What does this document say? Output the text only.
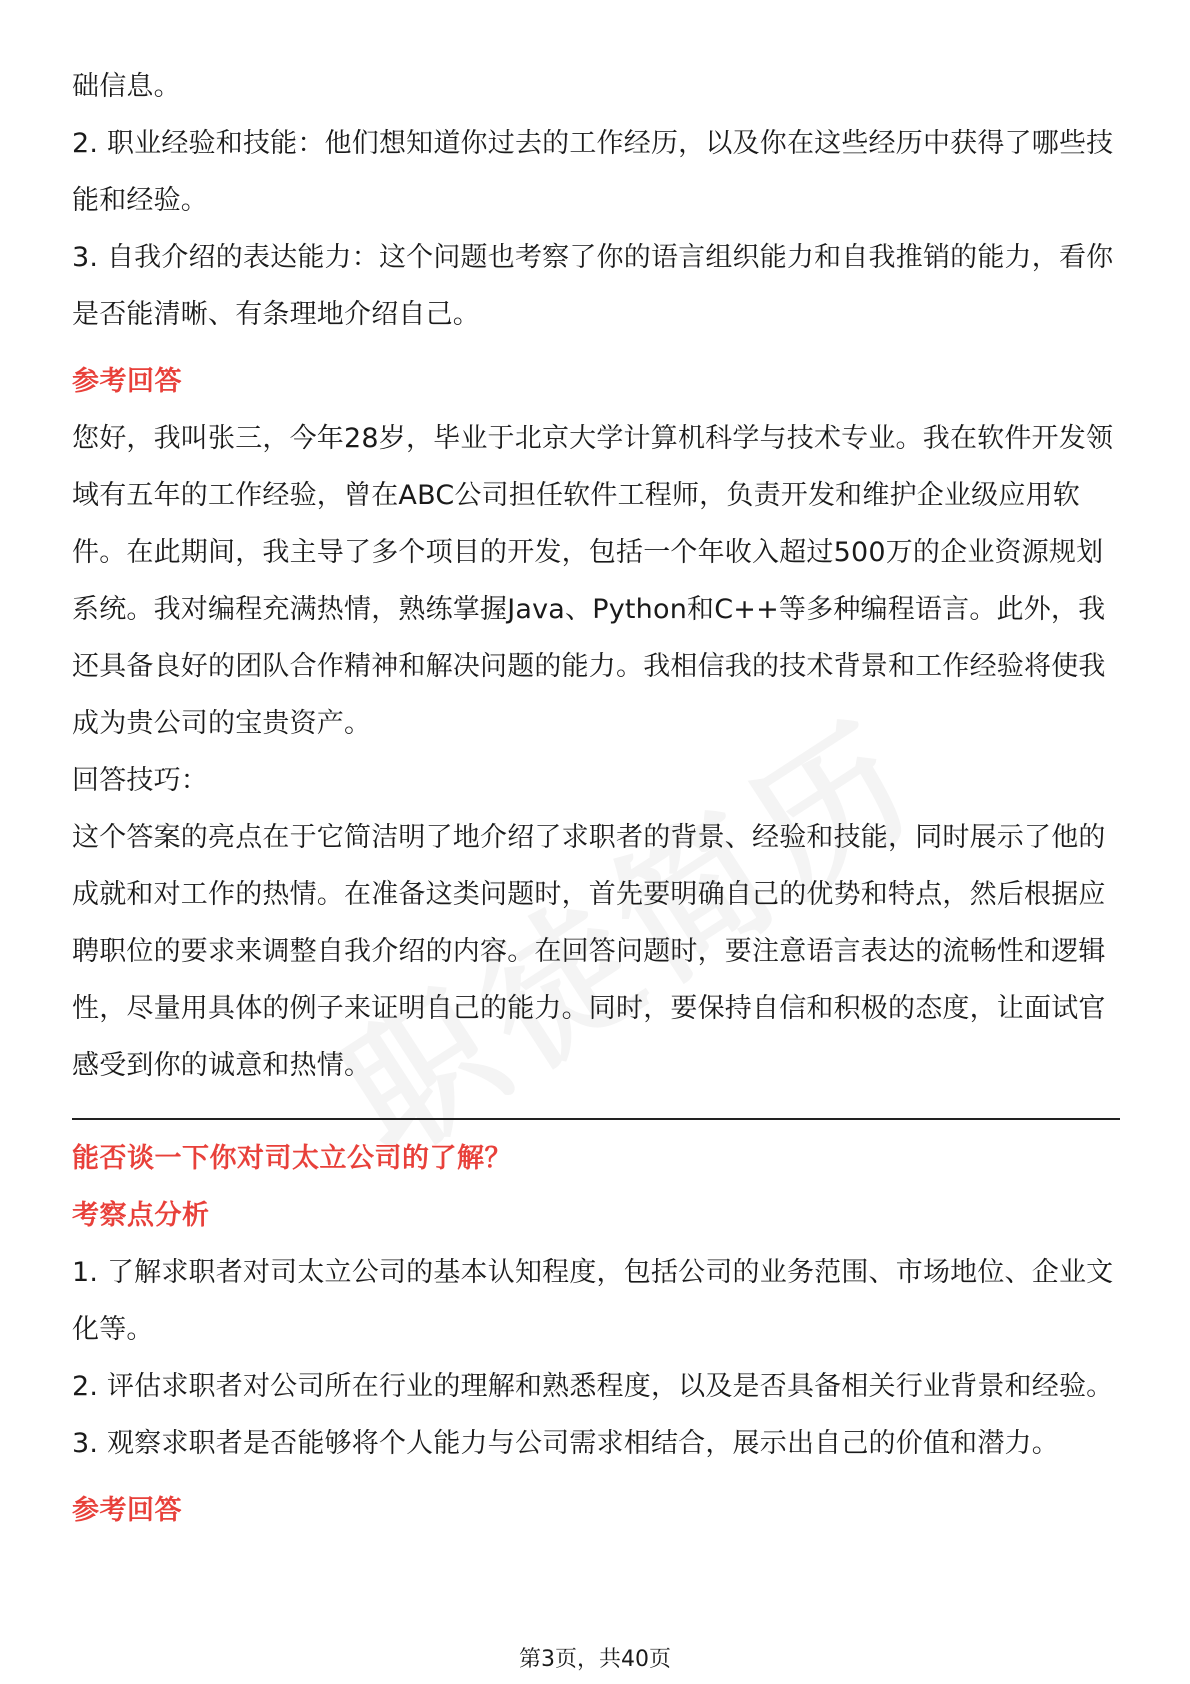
础信息。

2. 职业经验和技能：他们想知道你过去的工作经历，以及你在这些经历中获得了哪些技能和经验。

3. 自我介绍的表达能力：这个问题也考察了你的语言组织能力和自我推销的能力，看你是否能清晰、有条理地介绍自己。

参考回答

您好，我叫张三，今年28岁，毕业于北京大学计算机科学与技术专业。我在软件开发领域有五年的工作经验，曾在ABC公司担任软件工程师，负责开发和维护企业级应用软件。在此期间，我主导了多个项目的开发，包括一个年收入超过500万的企业资源规划系统。我对编程充满热情，熟练掌握Java、Python和C++等多种编程语言。此外，我还具备良好的团队合作精神和解决问题的能力。我相信我的技术背景和工作经验将使我成为贵公司的宝贵资产。

回答技巧：

这个答案的亮点在于它简洁明了地介绍了求职者的背景、经验和技能，同时展示了他的成就和对工作的热情。在准备这类问题时，首先要明确自己的优势和特点，然后根据应聘职位的要求来调整自我介绍的内容。在回答问题时，要注意语言表达的流畅性和逻辑性，尽量用具体的例子来证明自己的能力。同时，要保持自信和积极的态度，让面试官感受到你的诚意和热情。

能否谈一下你对司太立公司的了解？

考察点分析

1. 了解求职者对司太立公司的基本认知程度，包括公司的业务范围、市场地位、企业文化等。

2. 评估求职者对公司所在行业的理解和熟悉程度，以及是否具备相关行业背景和经验。

3. 观察求职者是否能够将个人能力与公司需求相结合，展示出自己的价值和潜力。

参考回答

第3页，共40页
